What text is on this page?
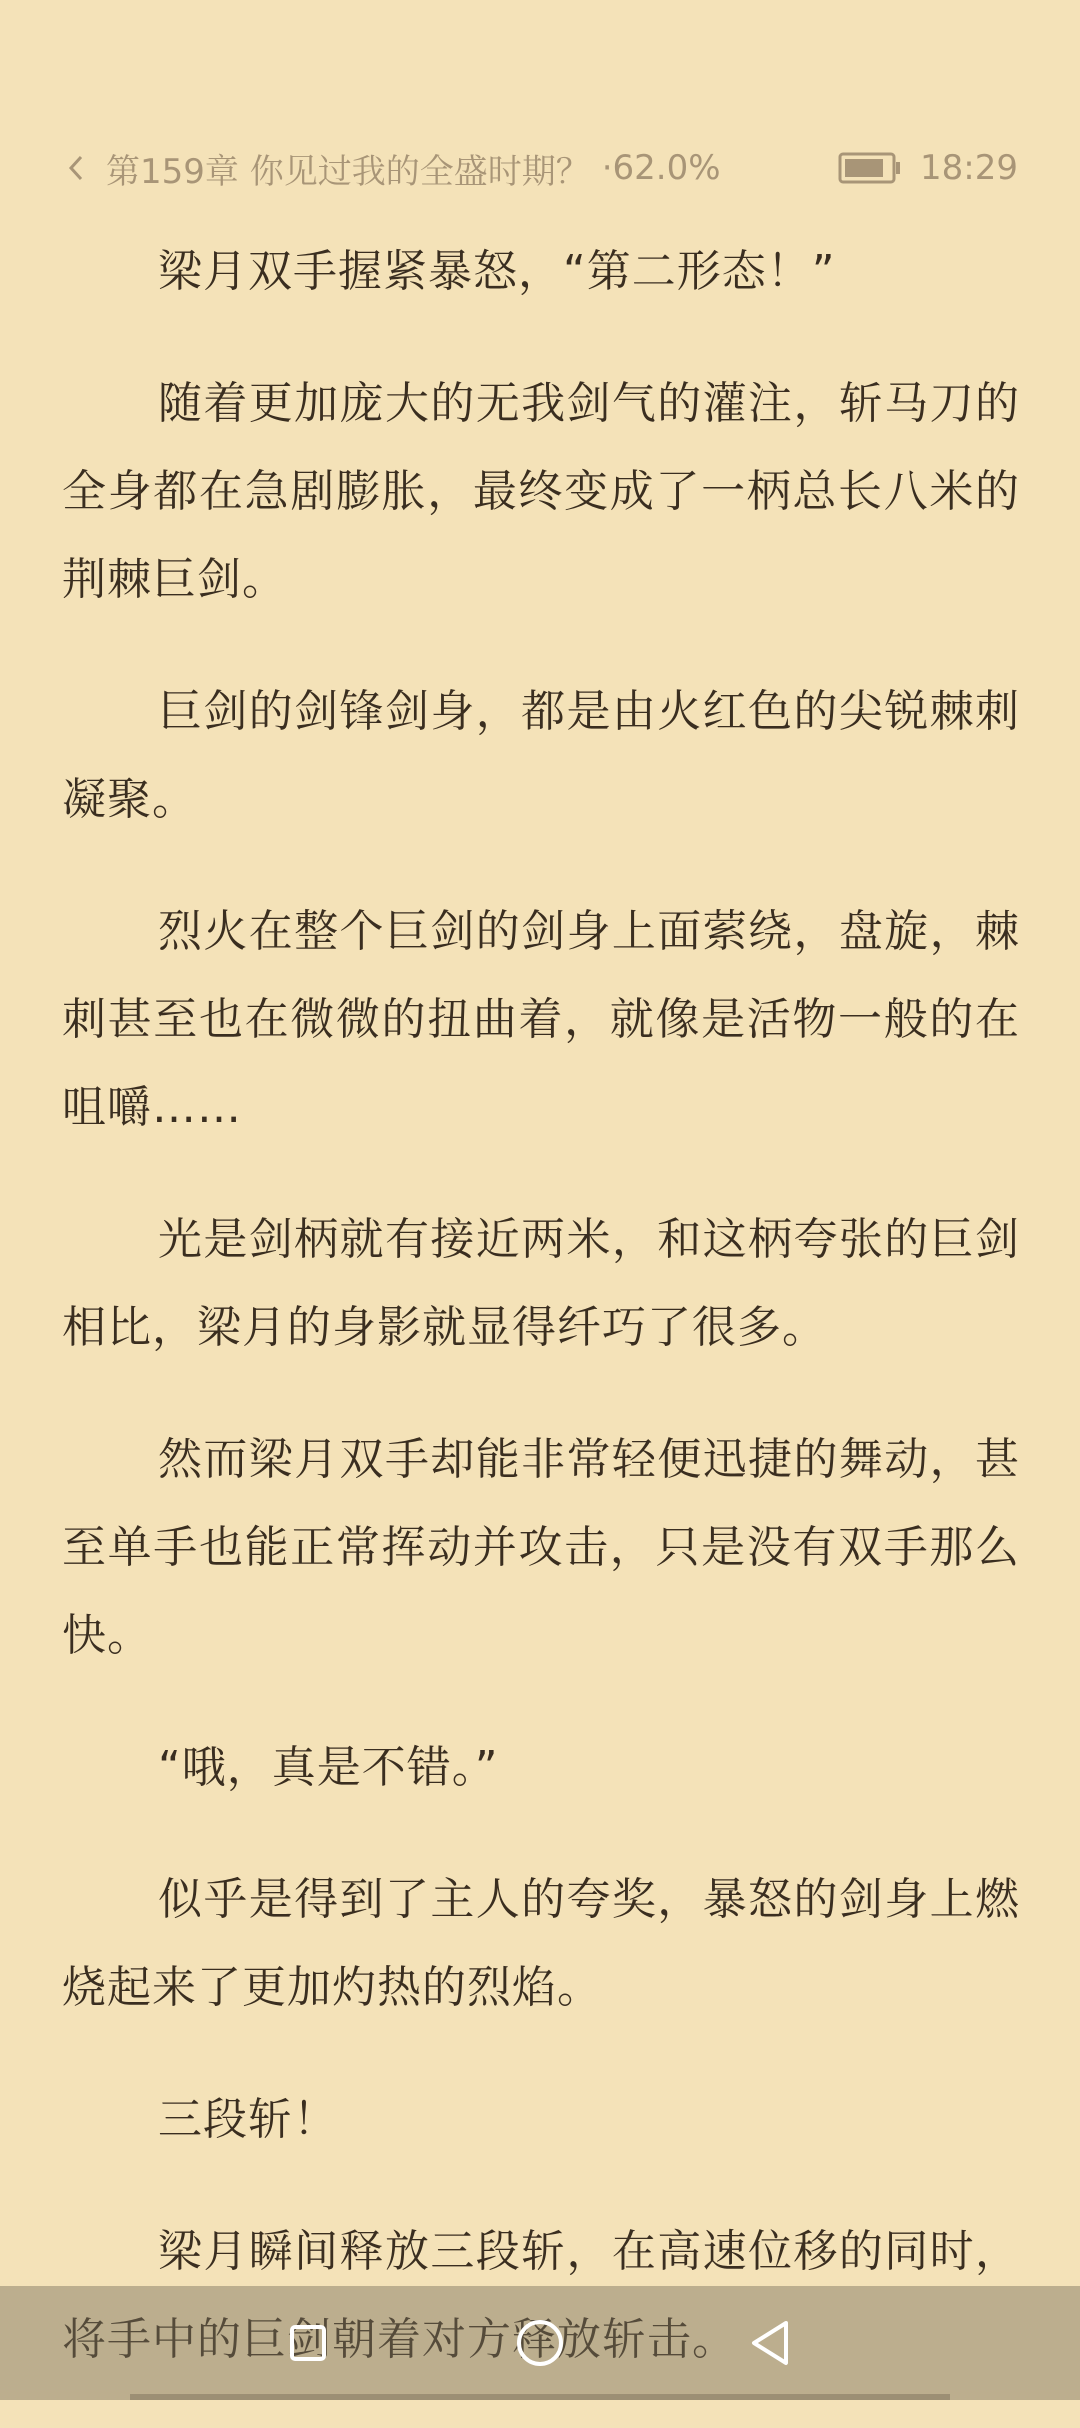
第159章 你见过我的全盛时期？ ·62.0%	18:29

梁月双手握紧暴怒，“第二形态！”

随着更加庞大的无我剑气的灌注，斩马刀的全身都在急剧膨胀，最终变成了一柄总长八米的荆棘巨剑。

巨剑的剑锋剑身，都是由火红色的尖锐棘刺凝聚。

烈火在整个巨剑的剑身上面萦绕，盘旋，棘刺甚至也在微微的扭曲着，就像是活物一般的在咀嚼……

光是剑柄就有接近两米，和这柄夸张的巨剑相比，梁月的身影就显得纤巧了很多。

然而梁月双手却能非常轻便迅捷的舞动，甚至单手也能正常挥动并攻击，只是没有双手那么快。

“哦，真是不错。”

似乎是得到了主人的夸奖，暴怒的剑身上燃烧起来了更加灼热的烈焰。

三段斩！

梁月瞬间释放三段斩，在高速位移的同时，将手中的巨剑朝着对方释放斩击。
